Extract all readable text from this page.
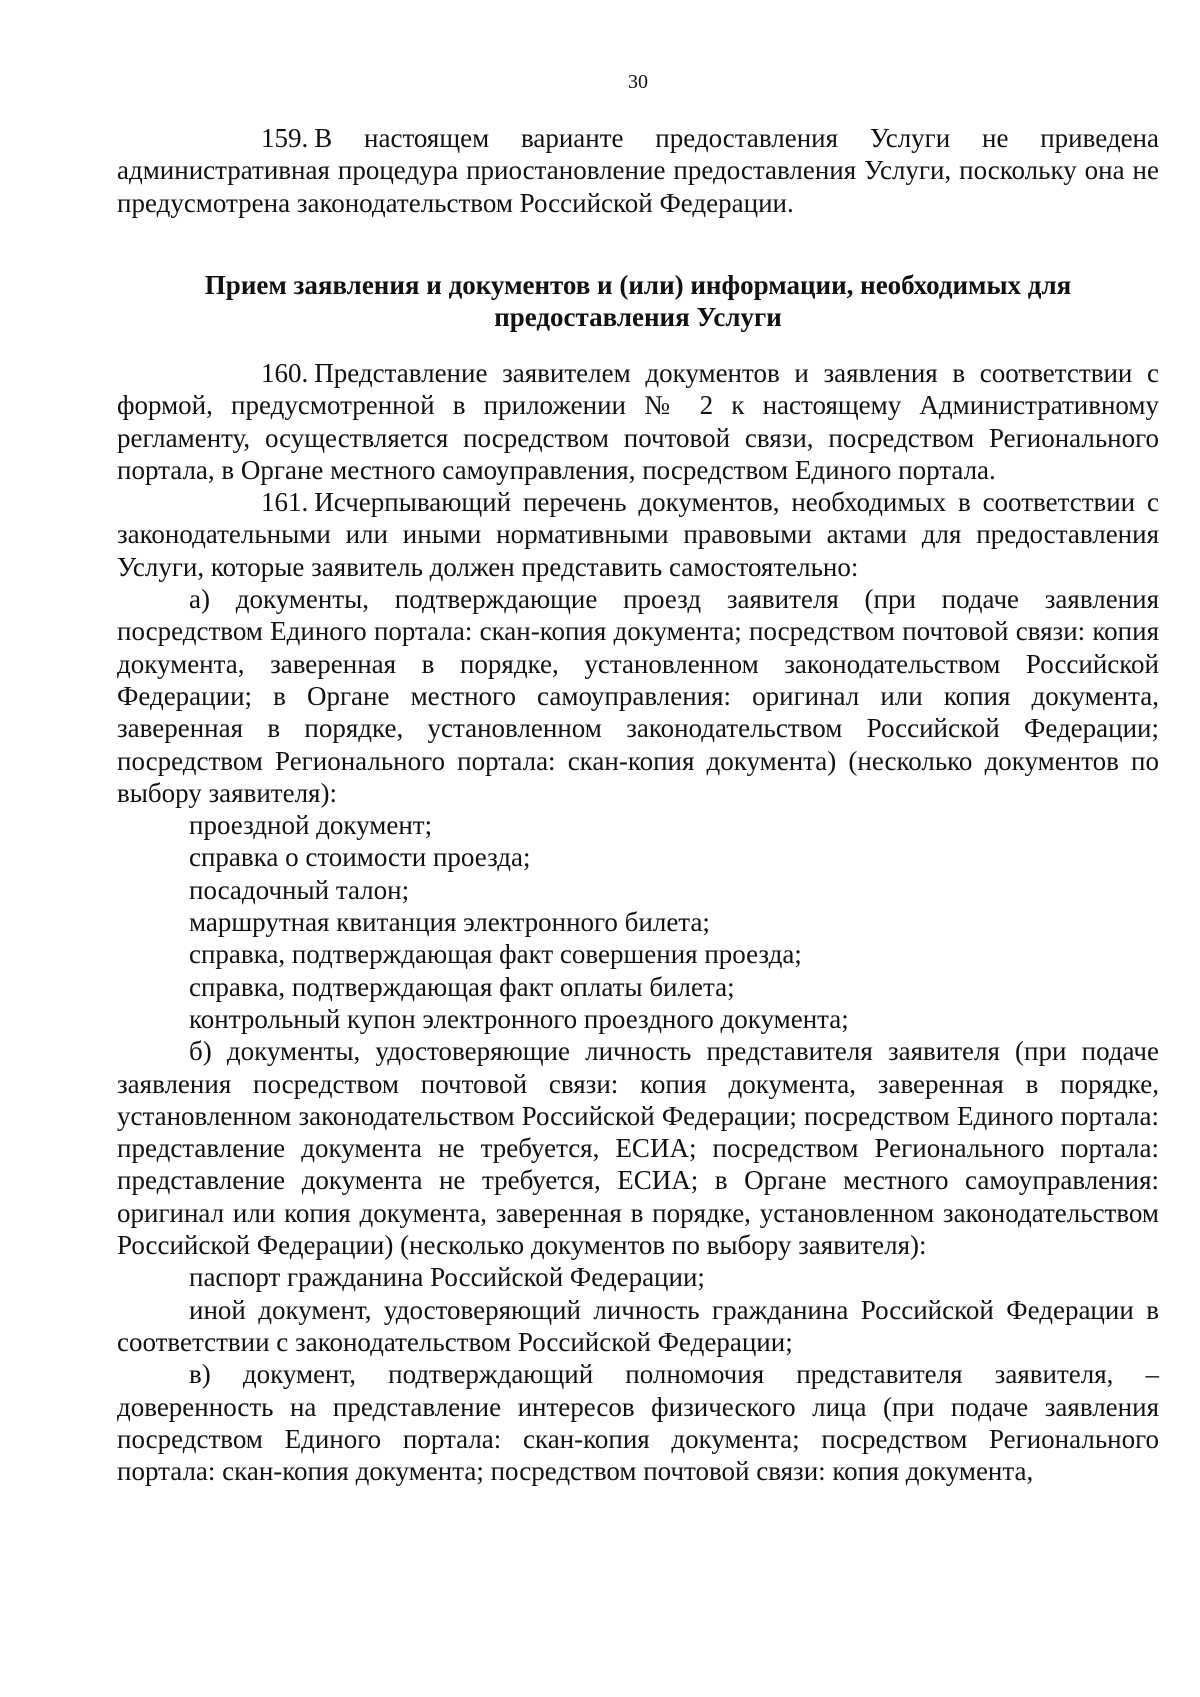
30

159. В настоящем варианте предоставления Услуги не приведена административная процедура приостановление предоставления Услуги, поскольку она не предусмотрена законодательством Российской Федерации.

Прием заявления и документов и (или) информации, необходимых для
предоставления Услуги

160. Представление заявителем документов и заявления в соответствии с формой, предусмотренной в приложении № 2 к настоящему Административному регламенту, осуществляется посредством почтовой связи, посредством Регионального портала, в Органе местного самоуправления, посредством Единого портала.

161. Исчерпывающий перечень документов, необходимых в соответствии с законодательными или иными нормативными правовыми актами для предоставления Услуги, которые заявитель должен представить самостоятельно:

а) документы, подтверждающие проезд заявителя (при подаче заявления посредством Единого портала: скан-копия документа; посредством почтовой связи: копия документа, заверенная в порядке, установленном законодательством Российской Федерации; в Органе местного самоуправления: оригинал или копия документа, заверенная в порядке, установленном законодательством Российской Федерации; посредством Регионального портала: скан-копия документа) (несколько документов по выбору заявителя):

проездной документ;

справка о стоимости проезда;

посадочный талон;

маршрутная квитанция электронного билета;

справка, подтверждающая факт совершения проезда;

справка, подтверждающая факт оплаты билета;

контрольный купон электронного проездного документа;

б) документы, удостоверяющие личность представителя заявителя (при подаче заявления посредством почтовой связи: копия документа, заверенная в порядке, установленном законодательством Российской Федерации; посредством Единого портала: представление документа не требуется, ЕСИА; посредством Регионального портала: представление документа не требуется, ЕСИА; в Органе местного самоуправления: оригинал или копия документа, заверенная в порядке, установленном законодательством Российской Федерации) (несколько документов по выбору заявителя):

паспорт гражданина Российской Федерации;

иной документ, удостоверяющий личность гражданина Российской Федерации в соответствии с законодательством Российской Федерации;

в) документ, подтверждающий полномочия представителя заявителя, – доверенность на представление интересов физического лица (при подаче заявления посредством Единого портала: скан-копия документа; посредством Регионального портала: скан-копия документа; посредством почтовой связи: копия документа,
